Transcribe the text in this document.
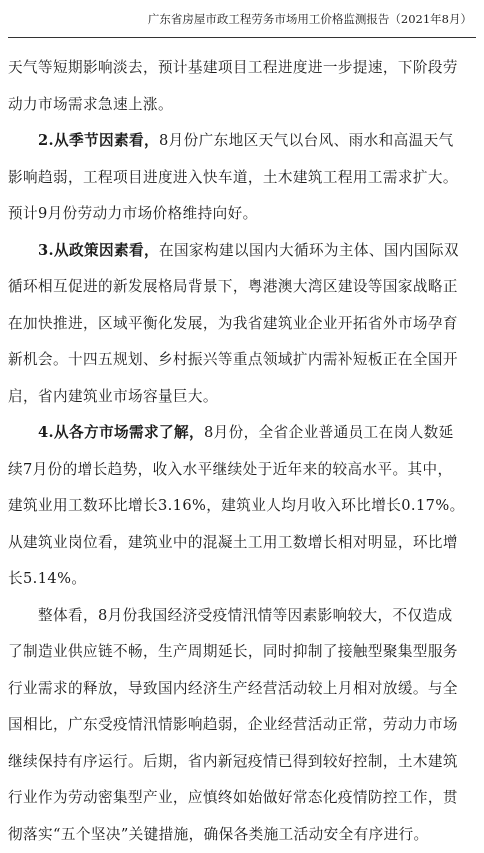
广东省房屋市政工程劳务市场用工价格监测报告（2021年8月）
天气等短期影响淡去，预计基建项目工程进度进一步提速，下阶段劳
动力市场需求急速上涨。
2.从季节因素看，8月份广东地区天气以台风、雨水和高温天气
影响趋弱，工程项目进度进入快车道，土木建筑工程用工需求扩大。
预计9月份劳动力市场价格维持向好。
3.从政策因素看，在国家构建以国内大循环为主体、国内国际双
循环相互促进的新发展格局背景下，粤港澳大湾区建设等国家战略正
在加快推进，区域平衡化发展，为我省建筑业企业开拓省外市场孕育
新机会。十四五规划、乡村振兴等重点领域扩内需补短板正在全国开
启，省内建筑业市场容量巨大。
4.从各方市场需求了解，8月份，全省企业普通员工在岗人数延
续7月份的增长趋势，收入水平继续处于近年来的较高水平。其中，
建筑业用工数环比增长3.16%，建筑业人均月收入环比增长0.17%。
从建筑业岗位看，建筑业中的混凝土工用工数增长相对明显，环比增
长5.14%。
整体看，8月份我国经济受疫情汛情等因素影响较大，不仅造成
了制造业供应链不畅，生产周期延长，同时抑制了接触型聚集型服务
行业需求的释放，导致国内经济生产经营活动较上月相对放缓。与全
国相比，广东受疫情汛情影响趋弱，企业经营活动正常，劳动力市场
继续保持有序运行。后期，省内新冠疫情已得到较好控制，土木建筑
行业作为劳动密集型产业，应慎终如始做好常态化疫情防控工作，贯
彻落实“五个坚决”关键措施，确保各类施工活动安全有序进行。
